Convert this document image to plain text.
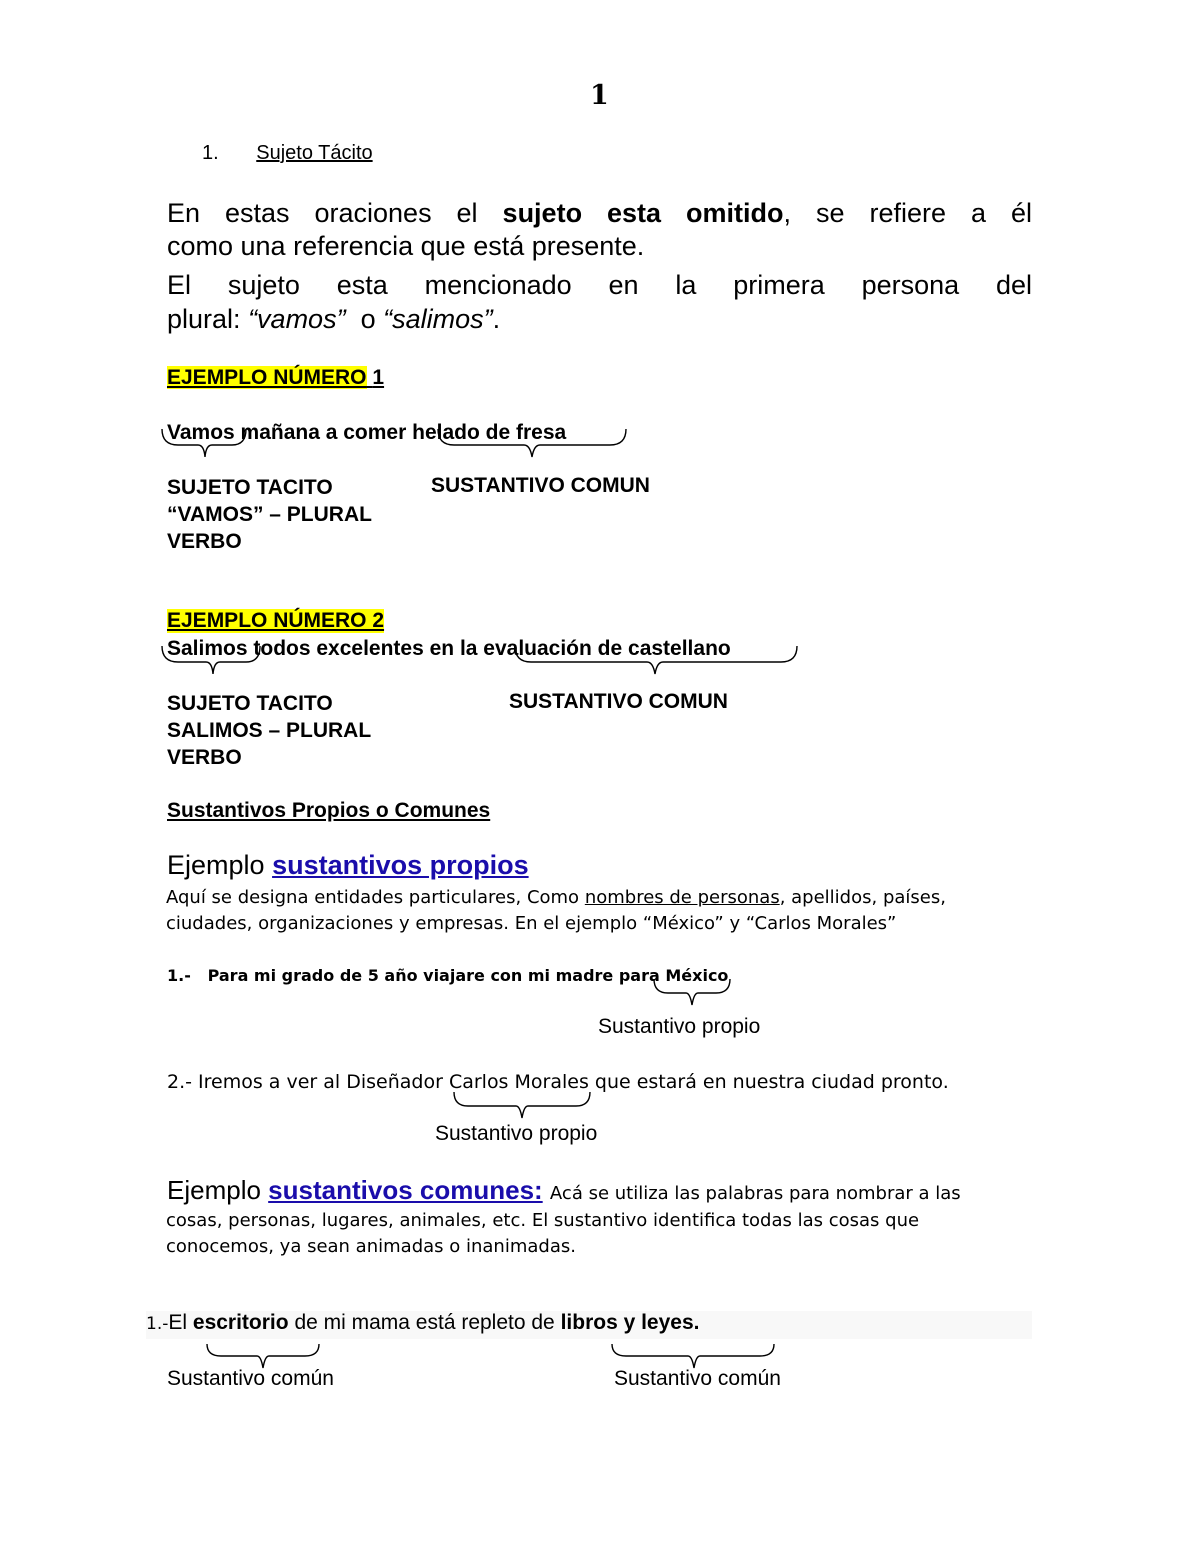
1
1. Sujeto Tácito
En estas oraciones el sujeto esta omitido, se refiere a él
como una referencia que está presente.
El sujeto esta mencionado en la primera persona del
plural: “vamos” o “salimos”.
EJEMPLO NÚMERO 1
Vamos mañana a comer helado de fresa
SUJETO TACITO
“VAMOS” – PLURAL
VERBO
SUSTANTIVO COMUN
EJEMPLO NÚMERO 2
Salimos todos excelentes en la evaluación de castellano
SUJETO TACITO
SALIMOS – PLURAL
VERBO
SUSTANTIVO COMUN
Sustantivos Propios o Comunes
Ejemplo sustantivos propios
Aquí se designa entidades particulares, Como nombres de personas, apellidos, países,
ciudades, organizaciones y empresas. En el ejemplo “México” y “Carlos Morales”
1.- Para mi grado de 5 año viajare con mi madre para México
Sustantivo propio
2.- Iremos a ver al Diseñador Carlos Morales que estará en nuestra ciudad pronto.
Sustantivo propio
Ejemplo sustantivos comunes: Acá se utiliza las palabras para nombrar a las
cosas, personas, lugares, animales, etc. El sustantivo identifica todas las cosas que
conocemos, ya sean animadas o inanimadas.
1.-El escritorio de mi mama está repleto de libros y leyes.
Sustantivo común	Sustantivo común
